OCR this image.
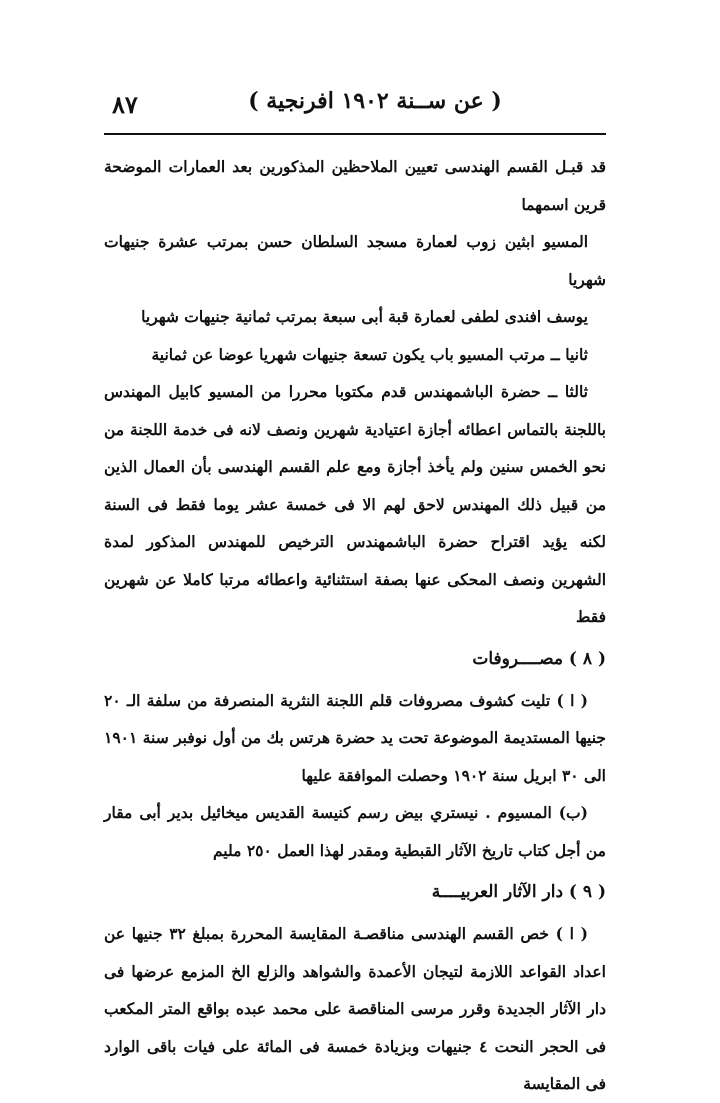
٨٧	( عن ســنة ١٩٠٢ افرنجية )

قد قبـل القسم الهندسى تعيين الملاحظين المذكورين بعد العمارات الموضحة قرين اسمهما

المسيو ابثين زوب لعمارة مسجد السلطان حسن بمرتب عشرة جنيهات شهريا

يوسف افندى لطفى لعمارة قبة أبى سبعة بمرتب ثمانية جنيهات شهريا

ثانيا ــ مرتب المسيو باب يكون تسعة جنيهات شهريا عوضا عن ثمانية

ثالثا ــ حضرة الباشمهندس قدم مكتوبا محررا من المسيو كابيل المهندس باللجنة بالتماس اعطائه أجازة اعتيادية شهرين ونصف لانه فى خدمة اللجنة من نحو الخمس سنين ولم يأخذ أجازة ومع علم القسم الهندسى بأن العمال الذين من قبيل ذلك المهندس لاحق لهم الا فى خمسة عشر يوما فقط فى السنة لكنه يؤيد اقتراح حضرة الباشمهندس الترخيص للمهندس المذكور لمدة الشهرين ونصف المحكى عنها بصفة استثنائية واعطائه مرتبا كاملا عن شهرين فقط

( ٨ ) مصــــروفات

( ا ) تليت كشوف مصروفات قلم اللجنة النثرية المنصرفة من سلفة الـ ٢٠ جنيها المستديمة الموضوعة تحت يد حضرة هرتس بك من أول نوفبر سنة ١٩٠١ الى ٣٠ ابريل سنة ١٩٠٢ وحصلت الموافقة عليها

(ب) المسيوم . نيستري بيض رسم كنيسة القديس ميخائيل بدير أبى مقار من أجل كتاب تاريخ الآثار القبطية ومقدر لهذا العمل ٢٥٠ مليم

( ٩ ) دار الآثار العربيــــة

( ا ) خص القسم الهندسى مناقصـة المقايسة المحررة بمبلغ ٣٢ جنيها عن اعداد القواعد اللازمة لتيجان الأعمدة والشواهد والزلع الخ المزمع عرضها فى دار الآثار الجديدة وقرر مرسى المناقصة على محمد عبده بواقع المتر المكعب فى الحجر النحت ٤ جنيهات وبزيادة خمسة فى المائة على فيات باقى الوارد فى المقايسة
